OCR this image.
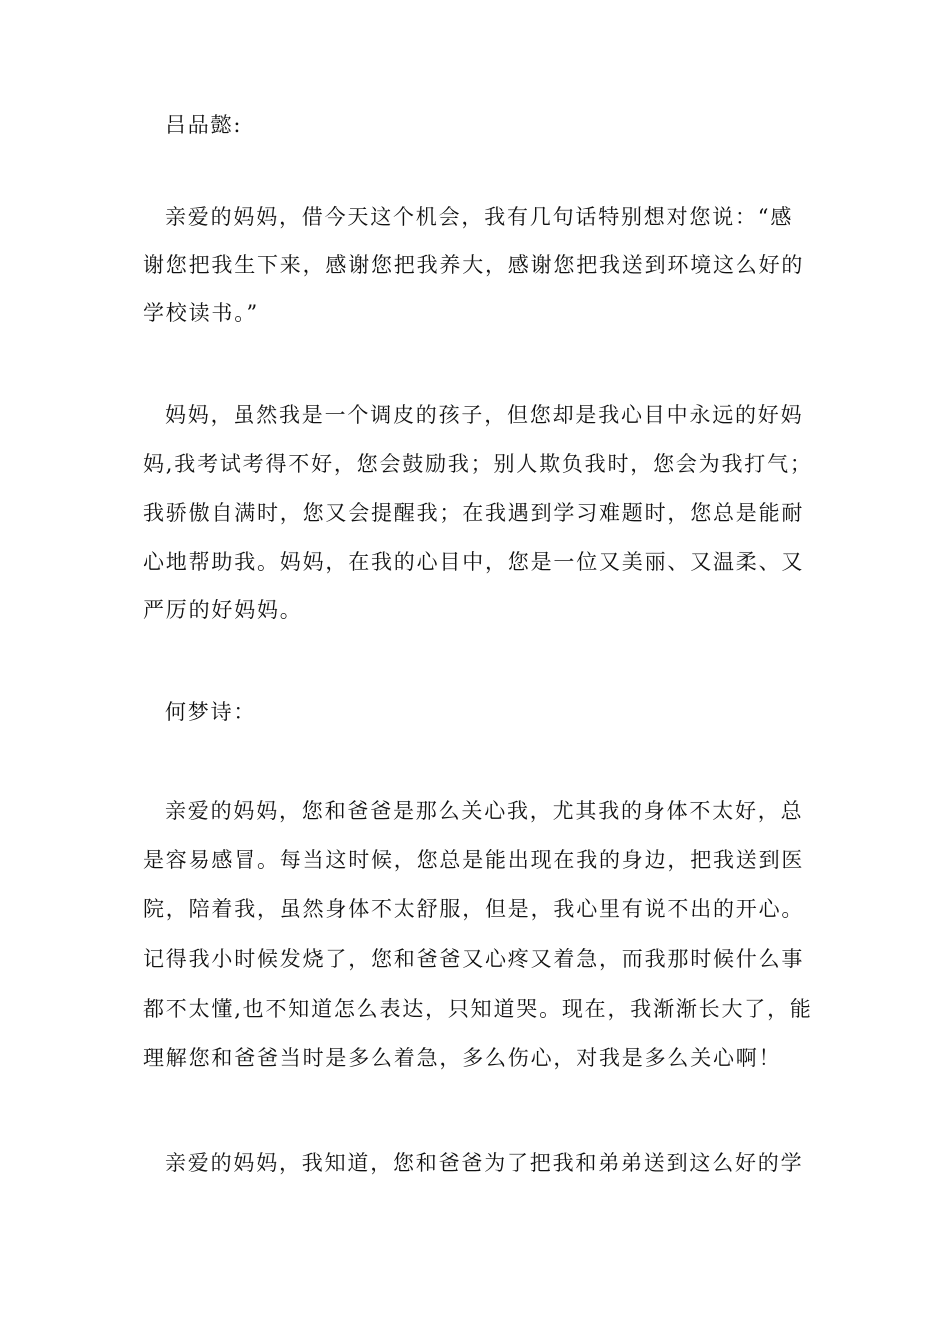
吕品懿:
亲爱的妈妈，借今天这个机会，我有几句话特别想对您说：“感
谢您把我生下来，感谢您把我养大，感谢您把我送到环境这么好的
学校读书。”
妈妈，虽然我是一个调皮的孩子，但您却是我心目中永远的好妈
妈,我考试考得不好，您会鼓励我；别人欺负我时，您会为我打气；
我骄傲自满时，您又会提醒我；在我遇到学习难题时，您总是能耐
心地帮助我。妈妈，在我的心目中，您是一位又美丽、又温柔、又
严厉的好妈妈。
何梦诗：
亲爱的妈妈，您和爸爸是那么关心我，尤其我的身体不太好，总
是容易感冒。每当这时候，您总是能出现在我的身边，把我送到医
院，陪着我，虽然身体不太舒服，但是，我心里有说不出的开心。
记得我小时候发烧了，您和爸爸又心疼又着急，而我那时候什么事
都不太懂,也不知道怎么表达，只知道哭。现在，我渐渐长大了，能
理解您和爸爸当时是多么着急，多么伤心，对我是多么关心啊！
亲爱的妈妈，我知道，您和爸爸为了把我和弟弟送到这么好的学
